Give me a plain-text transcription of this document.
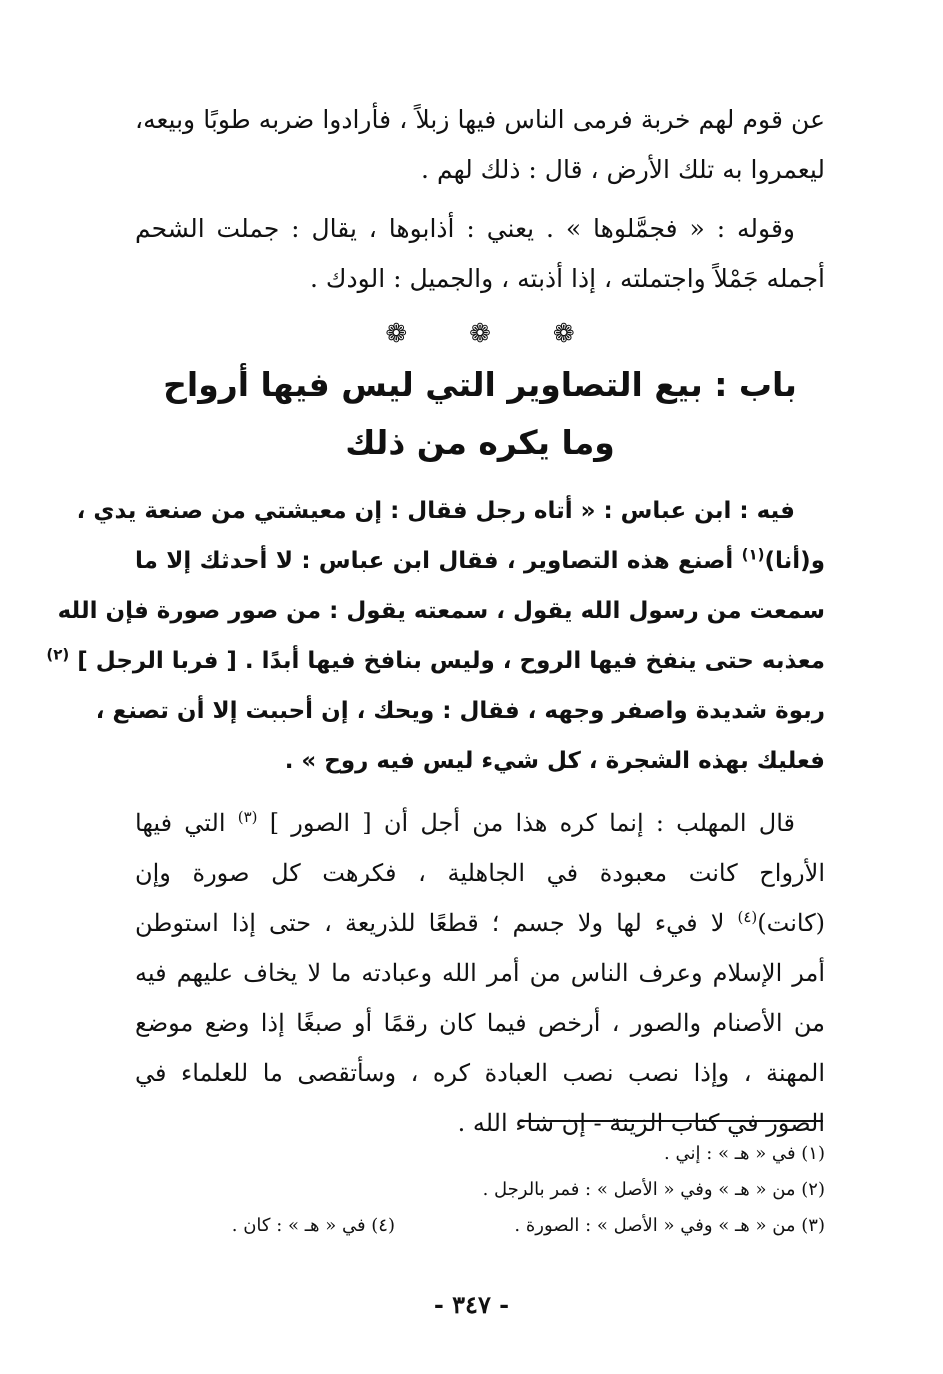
عن قوم لهم خربة فرمى الناس فيها زبلاً ، فأرادوا ضربه طوبًا وبيعه،
ليعمروا به تلك الأرض ، قال : ذلك لهم .
وقوله : « فجمَّلوها » . يعني : أذابوها ، يقال : جملت الشحم
أجمله جَمْلاً واجتملته ، إذا أذبته ، والجميل : الودك .
❁
❁
❁
باب : بيع التصاوير التي ليس فيها أرواح
وما يكره من ذلك
فيه : ابن عباس : « أتاه رجل فقال : إن معيشتي من صنعة يدي ،
و(أنا)$^{(١)}$ أصنع هذه التصاوير ، فقال ابن عباس : لا أحدثك إلا ما
سمعت من رسول الله يقول ، سمعته يقول : من صور صورة فإن الله
معذبه حتى ينفخ فيها الروح ، وليس بنافخ فيها أبدًا . [ فربا الرجل ] $^{(٢)}$
ربوة شديدة واصفر وجهه ، فقال : ويحك ، إن أحببت إلا أن تصنع ،
فعليك بهذه الشجرة ، كل شيء ليس فيه روح » .
قال المهلب : إنما كره هذا من أجل أن [ الصور ] $^{(٣)}$ التي فيها
الأرواح كانت معبودة في الجاهلية ، فكرهت كل صورة وإن
(كانت)$^{(٤)}$ لا فيء لها ولا جسم ؛ قطعًا للذريعة ، حتى إذا استوطن
أمر الإسلام وعرف الناس من أمر الله وعبادته ما لا يخاف عليهم فيه
من الأصنام والصور ، أرخص فيما كان رقمًا أو صبغًا إذا وضع موضع
المهنة ، وإذا نصب نصب العبادة كره ، وسأتقصى ما للعلماء في
الصور في كتاب الزينة - إن شاء الله .
(١) في « هـ » : إني .
(٢) من « هـ » وفي « الأصل » : فمر بالرجل .
(٣) من « هـ » وفي « الأصل » : الصورة .
(٤) في « هـ » : كان .
- ٣٤٧ -
